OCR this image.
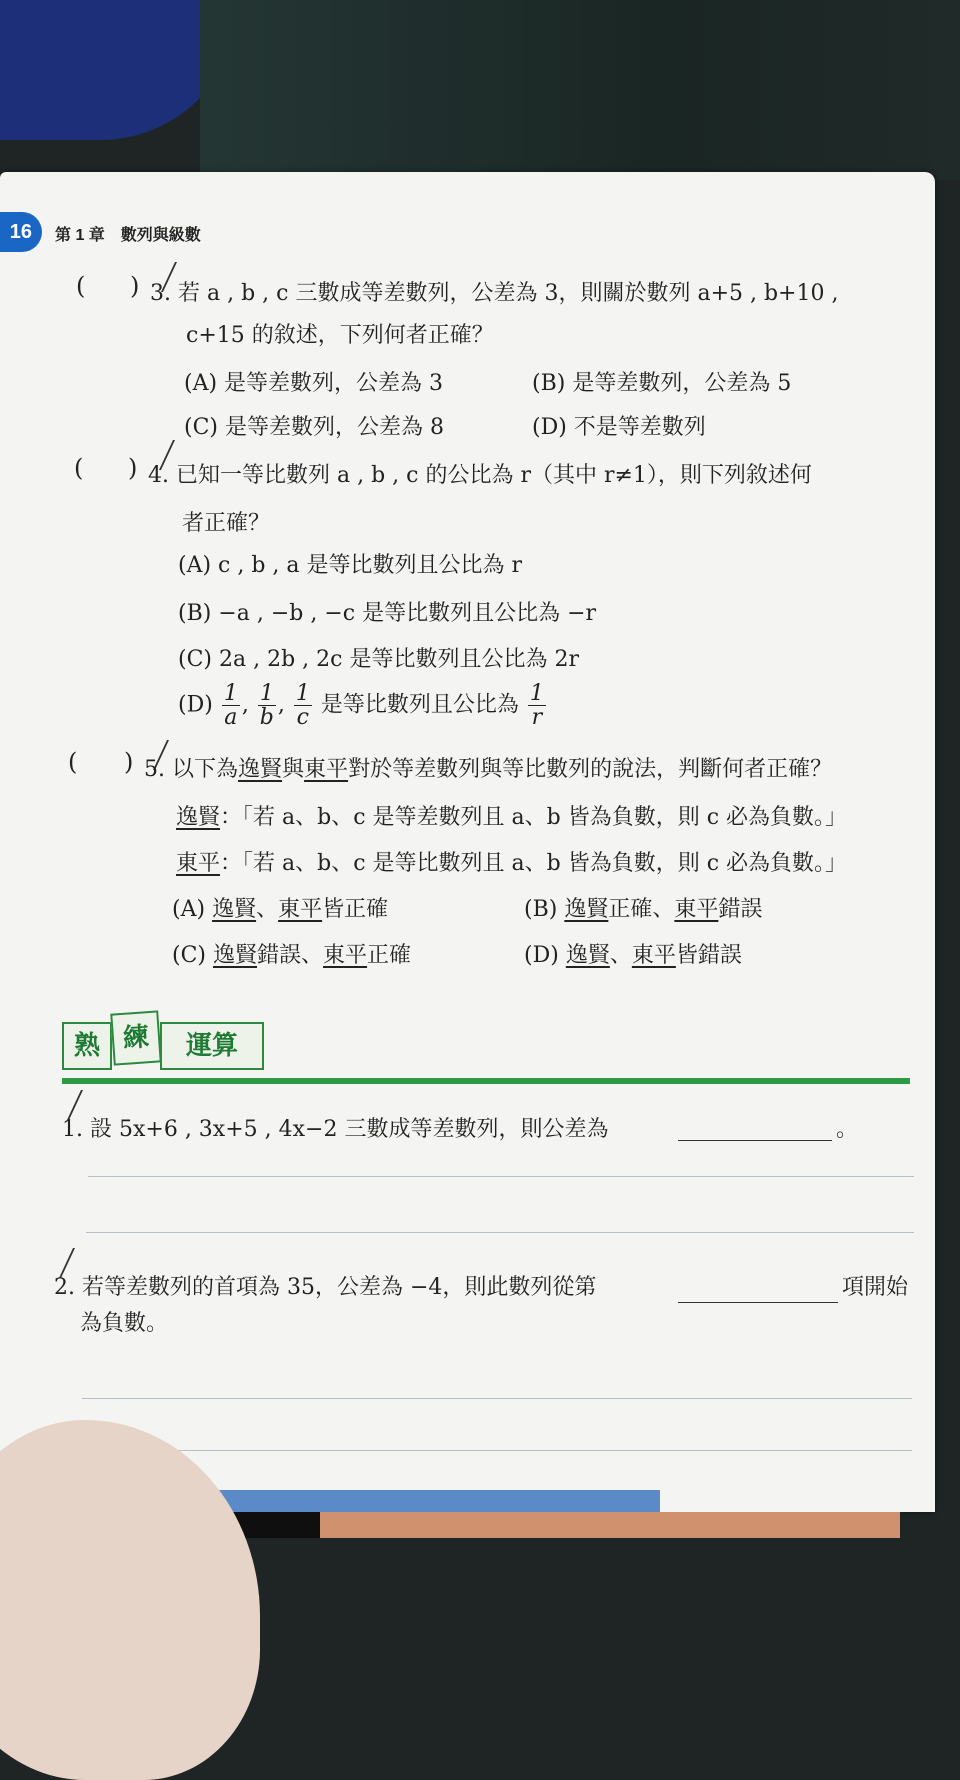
16	第 1 章　數列與級數
( ) 3. 若 a , b , c 三數成等差數列，公差為 3，則關於數列 a+5 , b+10 ,
c+15 的敘述，下列何者正確？
(A) 是等差數列，公差為 3	(B) 是等差數列，公差為 5
(C) 是等差數列，公差為 8	(D) 不是等差數列
( ) 4. 已知一等比數列 a , b , c 的公比為 r（其中 r≠1），則下列敘述何
者正確？
(A) c , b , a 是等比數列且公比為 r
(B) −a , −b , −c 是等比數列且公比為 −r
(C) 2a , 2b , 2c 是等比數列且公比為 2r
$(D) \frac{1}{a}$ , $\frac{1}{b}$ , $\frac{1}{c}$ 是等比數列且公比為 $\frac{1}{r}$
( ) 5. 以下為逸賢與東平對於等差數列與等比數列的說法，判斷何者正確？
逸賢：「若 a、b、c 是等差數列且 a、b 皆為負數，則 c 必為負數。」
東平：「若 a、b、c 是等比數列且 a、b 皆為負數，則 c 必為負數。」
(A) 逸賢、東平皆正確	(B) 逸賢正確、東平錯誤
(C) 逸賢錯誤、東平正確	(D) 逸賢、東平皆錯誤
熟 練	運算
1. 設 5x+6 , 3x+5 , 4x−2 三數成等差數列，則公差為	。
2. 若等差數列的首項為 35，公差為 −4，則此數列從第	項開始
為負數。
